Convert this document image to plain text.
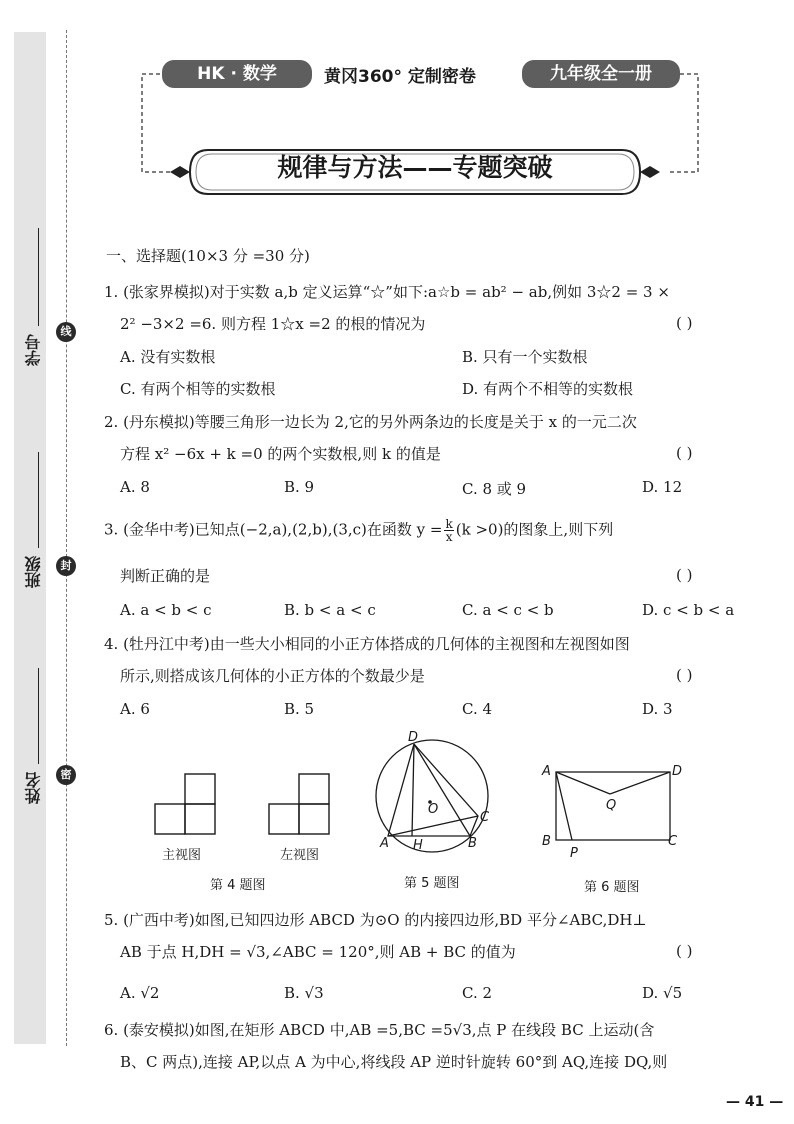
学号
班级
姓名
线
封
密
HK · 数学	黄冈360° 定制密卷	九年级全一册
规律与方法——专题突破
一、选择题(10×3 分 =30 分)
1. (张家界模拟)对于实数 a,b 定义运算“☆”如下:a☆b = ab² − ab,例如 3☆2 = 3 ×
2² −3×2 =6. 则方程 1☆x =2 的根的情况为	( )
A. 没有实数根	B. 只有一个实数根
C. 有两个相等的实数根	D. 有两个不相等的实数根
2. (丹东模拟)等腰三角形一边长为 2,它的另外两条边的长度是关于 x 的一元二次
方程 x² −6x + k =0 的两个实数根,则 k 的值是	( )
A. 8	B. 9	C. 8 或 9	D. 12
3. (金华中考)已知点(−2,a),(2,b),(3,c)在函数 $y = \frac{k}{x} (k >0)$的图象上,则下列
判断正确的是	( )
A. a < b < c	B. b < a < c	C. a < c < b	D. c < b < a
4. (牡丹江中考)由一些大小相同的小正方体搭成的几何体的主视图和左视图如图
所示,则搭成该几何体的小正方体的个数最少是	( )
A. 6	B. 5	C. 4	D. 3
主视图	左视图
第 4 题图
D
O
C
A H	B
第 5 题图
A	D
Q
B
P
C
第 6 题图
5. (广西中考)如图,已知四边形 ABCD 为⊙O 的内接四边形,BD 平分∠ABC,DH⊥
AB 于点 H,DH = √3,∠ABC = 120°,则 AB + BC 的值为	( )
A. √2	B. √3	C. 2	D. √5
6. (泰安模拟)如图,在矩形 ABCD 中,AB =5,BC =5√3,点 P 在线段 BC 上运动(含
B、C 两点),连接 AP,以点 A 为中心,将线段 AP 逆时针旋转 60°到 AQ,连接 DQ,则
— 41 —
